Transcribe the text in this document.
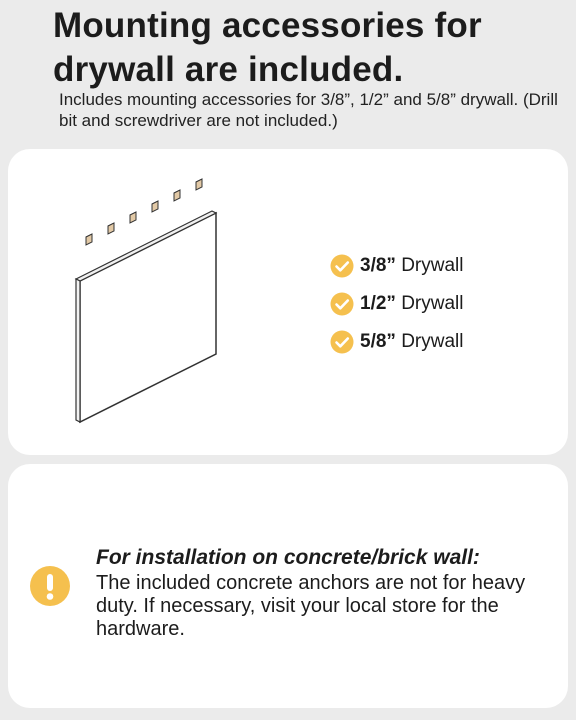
Mounting accessories for drywall are included.

Includes mounting accessories for 3/8”, 1/2” and 5/8” drywall. (Drill bit and screwdriver are not included.)

3/8” Drywall
1/2” Drywall
5/8” Drywall
For installation on concrete/brick wall:

The included concrete anchors are not for heavy duty. If necessary, visit your local store for the hardware.
